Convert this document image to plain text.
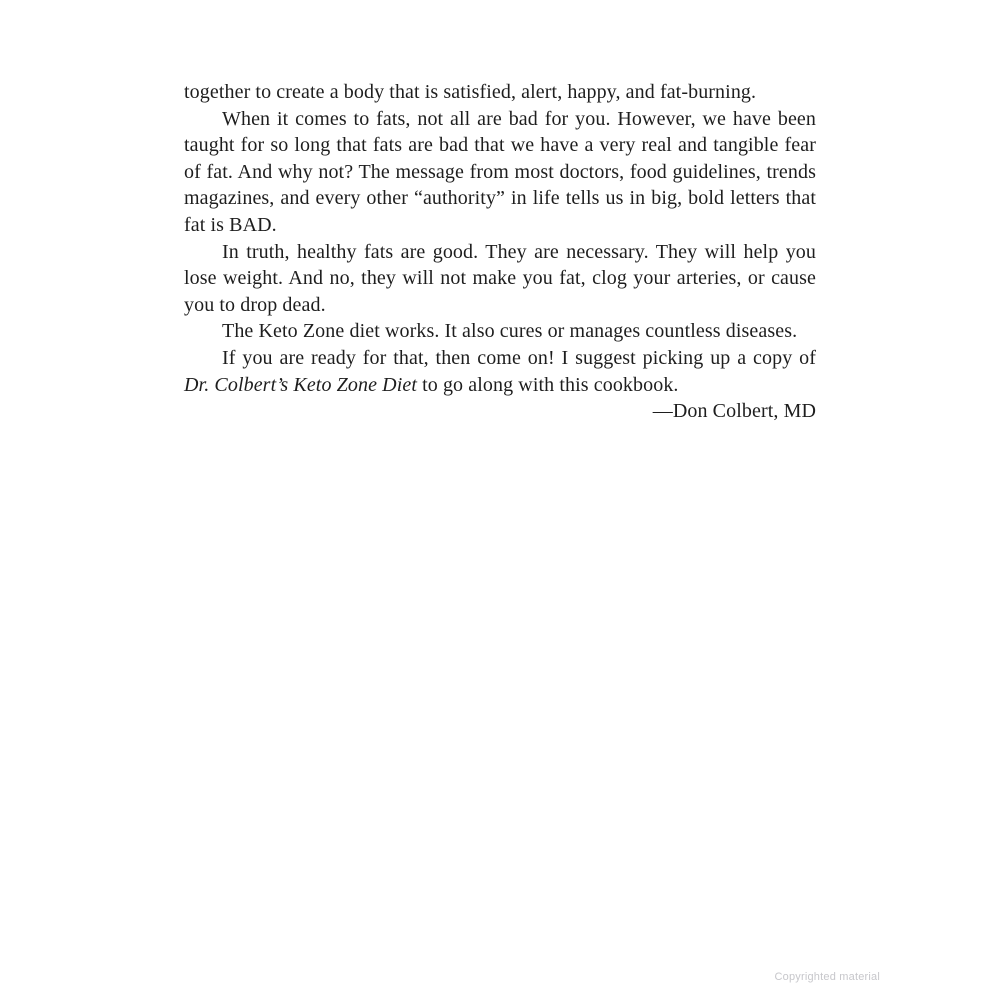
together to create a body that is satisfied, alert, happy, and fat-burning.

When it comes to fats, not all are bad for you. However, we have been taught for so long that fats are bad that we have a very real and tangible fear of fat. And why not? The message from most doctors, food guidelines, trends magazines, and every other “authority” in life tells us in big, bold letters that fat is BAD.

In truth, healthy fats are good. They are necessary. They will help you lose weight. And no, they will not make you fat, clog your arteries, or cause you to drop dead.

The Keto Zone diet works. It also cures or manages countless diseases.

If you are ready for that, then come on! I suggest picking up a copy of Dr. Colbert’s Keto Zone Diet to go along with this cookbook.

—Don Colbert, MD

Copyrighted material
